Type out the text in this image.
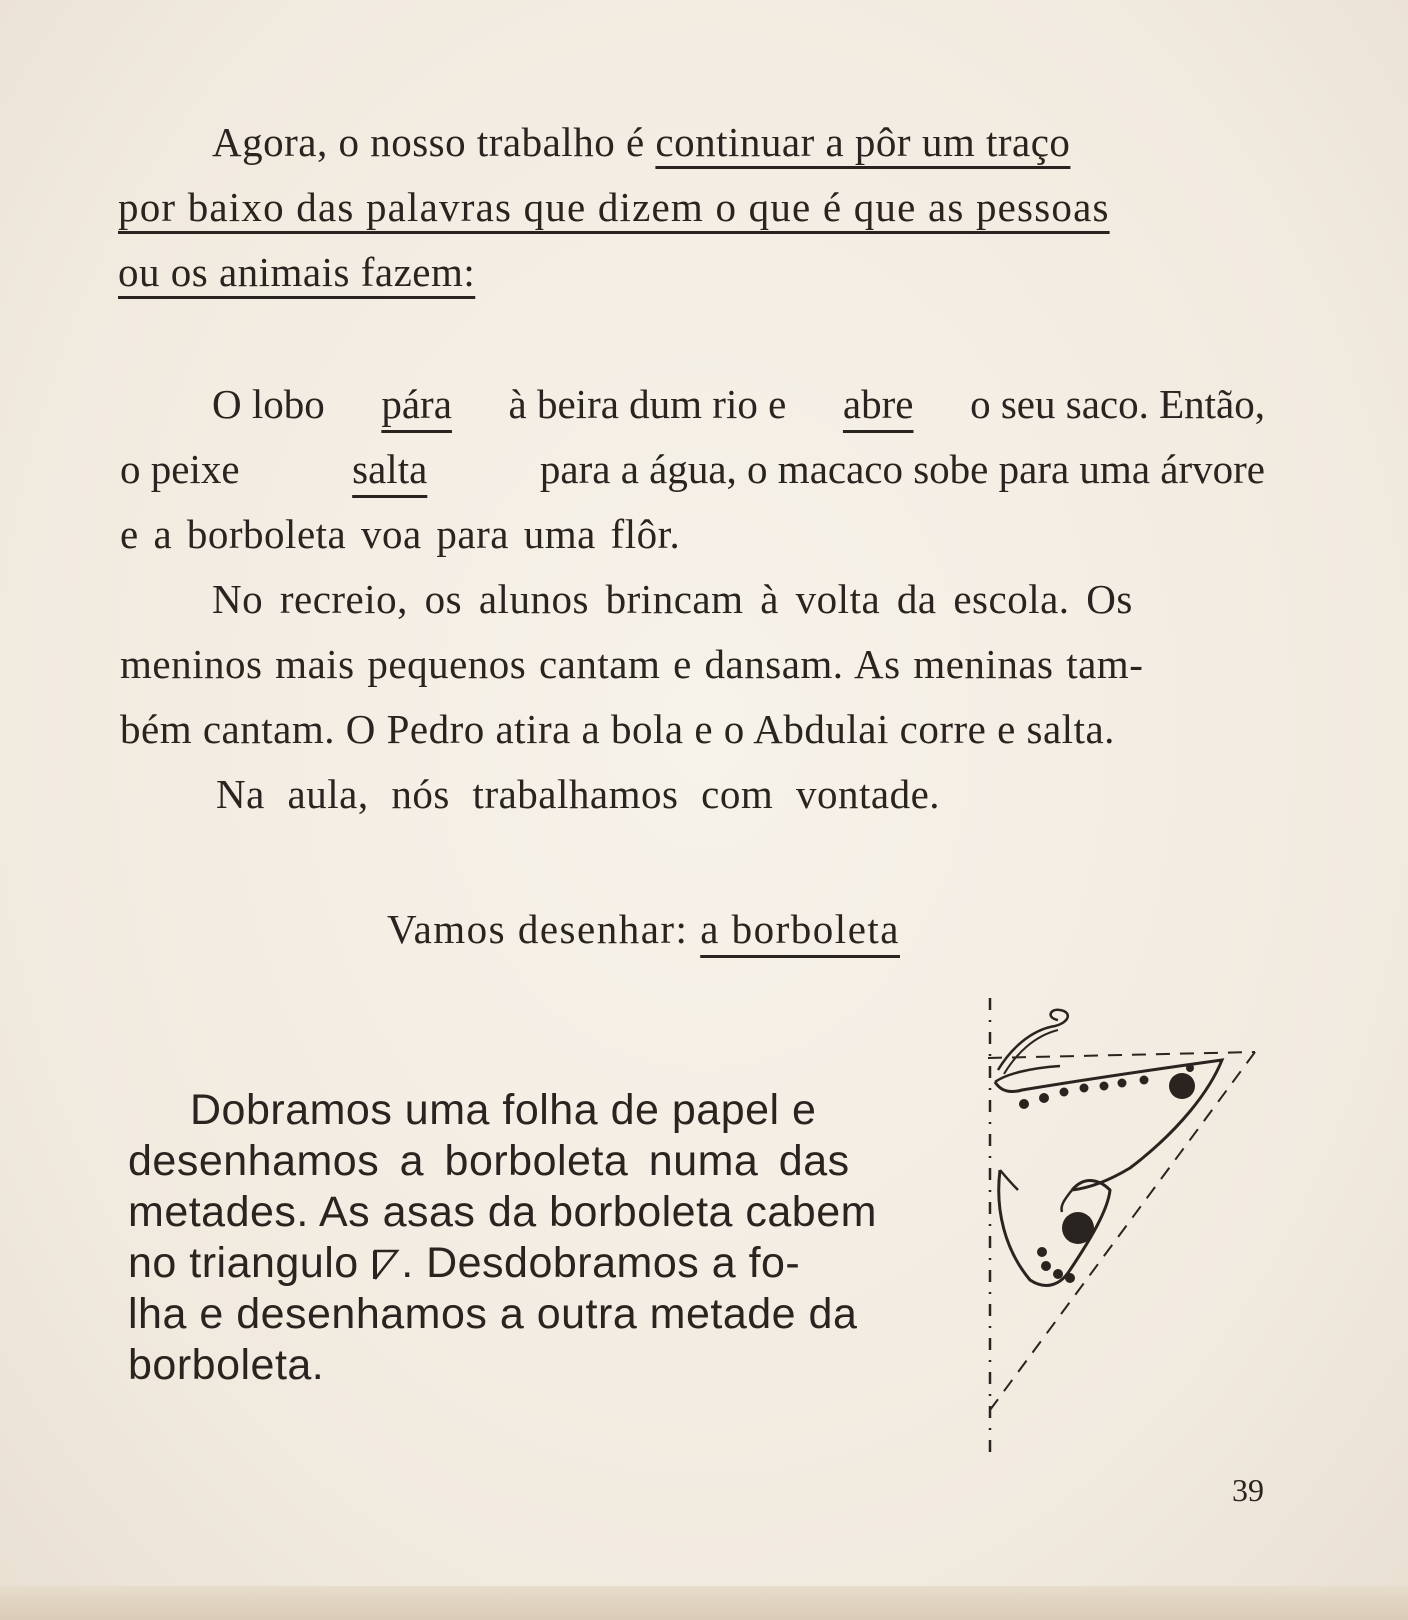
Agora, o nosso trabalho é continuar a pôr um traço
por baixo das palavras que dizem o que é que as pessoas
ou os animais fazem:
O lobo pára à beira dum rio e abre o seu saco. Então,
o peixe	salta	para a água, o macaco sobe para uma árvore
e a borboleta voa para uma flôr.
No recreio, os alunos brincam à volta da escola. Os
meninos mais pequenos cantam e dansam. As meninas tam-
bém cantam. O Pedro atira a bola e o Abdulai corre e salta.
Na aula, nós trabalhamos com vontade.
Vamos desenhar: a borboleta
Dobramos uma folha de papel e
desenhamos a borboleta numa das
metades. As asas da borboleta cabem
no triangulo . Desdobramos a fo-
lha e desenhamos a outra metade da
borboleta.
39
